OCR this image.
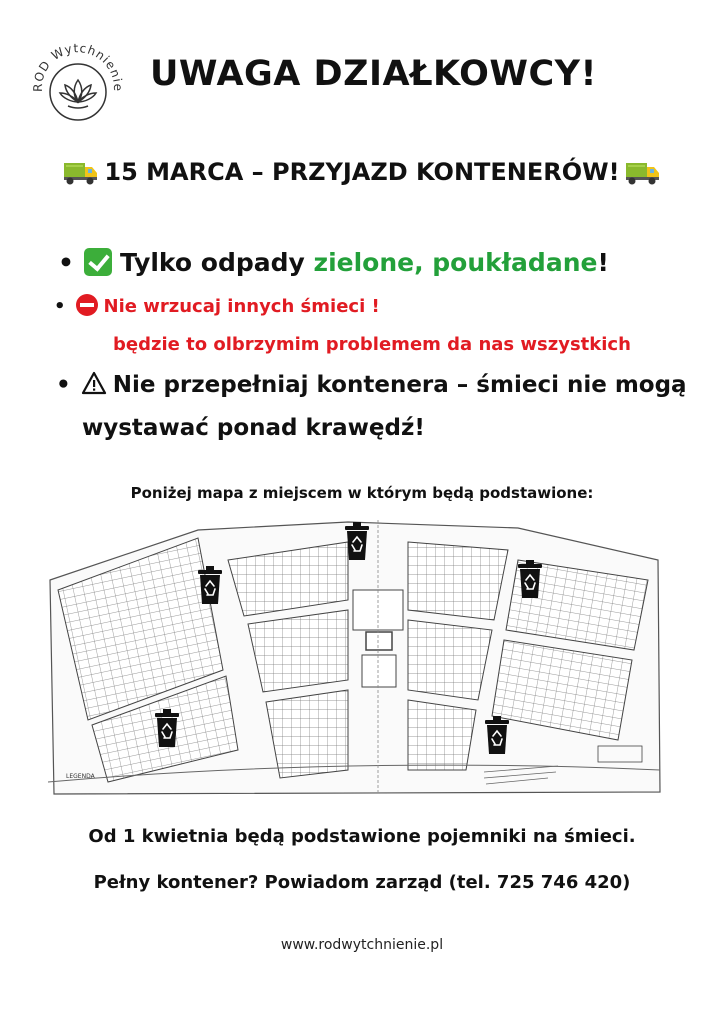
ROD Wytchnienie UWAGA DZIAŁKOWCY!
15 MARCA – PRZYJAZD KONTENERÓW!
• Tylko odpady zielone, poukładane!
• Nie wrzucaj innych śmieci !
będzie to olbrzymim problemem da nas wszystkich
• Nie przepełniaj kontenera – śmieci nie mogą
wystawać ponad krawędź!
Poniżej mapa z miejscem w którym będą podstawione:
LEGENDA
Od 1 kwietnia będą podstawione pojemniki na śmieci.
Pełny kontener? Powiadom zarząd (tel. 725 746 420)
www.rodwytchnienie.pl
